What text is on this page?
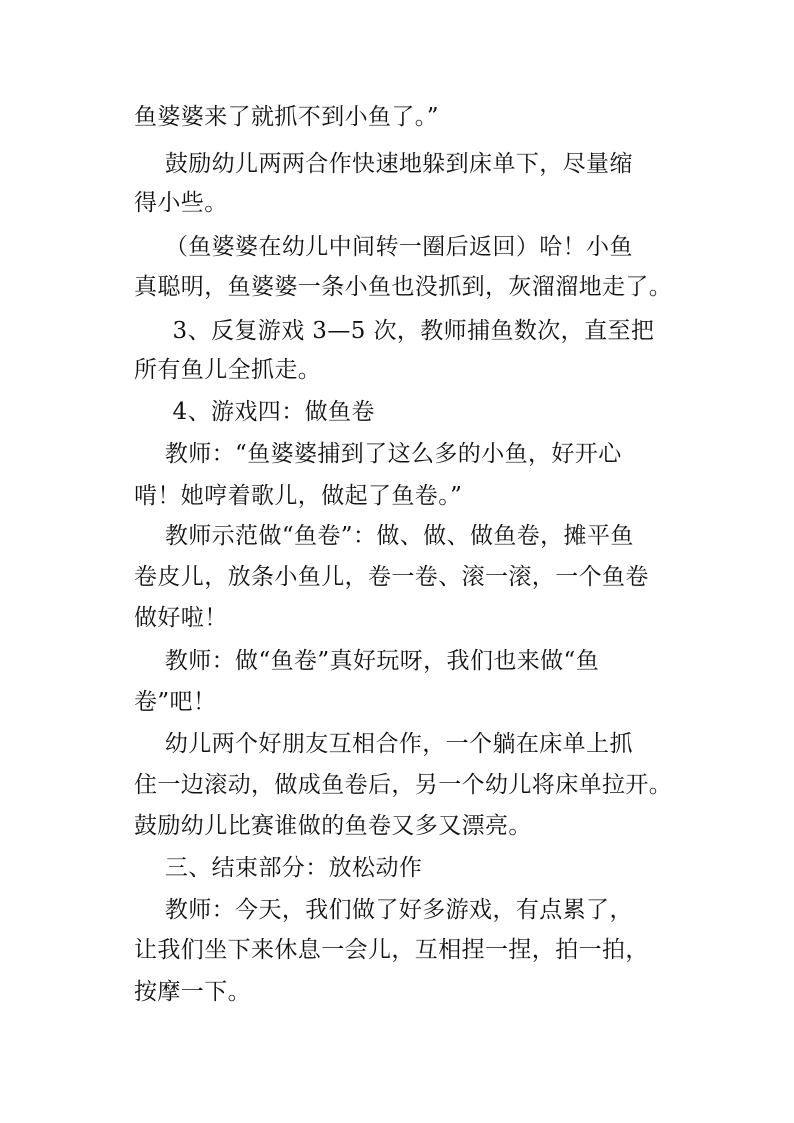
鱼婆婆来了就抓不到小鱼了。”
鼓励幼儿两两合作快速地躲到床单下，尽量缩
得小些。
（鱼婆婆在幼儿中间转一圈后返回）哈！小鱼
真聪明，鱼婆婆一条小鱼也没抓到，灰溜溜地走了。
3、反复游戏 3—5 次，教师捕鱼数次，直至把
所有鱼儿全抓走。
4、游戏四：做鱼卷
教师：“鱼婆婆捕到了这么多的小鱼，好开心
啃！她哼着歌儿，做起了鱼卷。”
教师示范做“鱼卷”：做、做、做鱼卷，摊平鱼
卷皮儿，放条小鱼儿，卷一卷、滚一滚，一个鱼卷
做好啦！
教师：做“鱼卷”真好玩呀，我们也来做“鱼
卷”吧！
幼儿两个好朋友互相合作，一个躺在床单上抓
住一边滚动，做成鱼卷后，另一个幼儿将床单拉开。
鼓励幼儿比赛谁做的鱼卷又多又漂亮。
三、结束部分：放松动作
教师：今天，我们做了好多游戏，有点累了，
让我们坐下来休息一会儿，互相捏一捏，拍一拍，
按摩一下。
